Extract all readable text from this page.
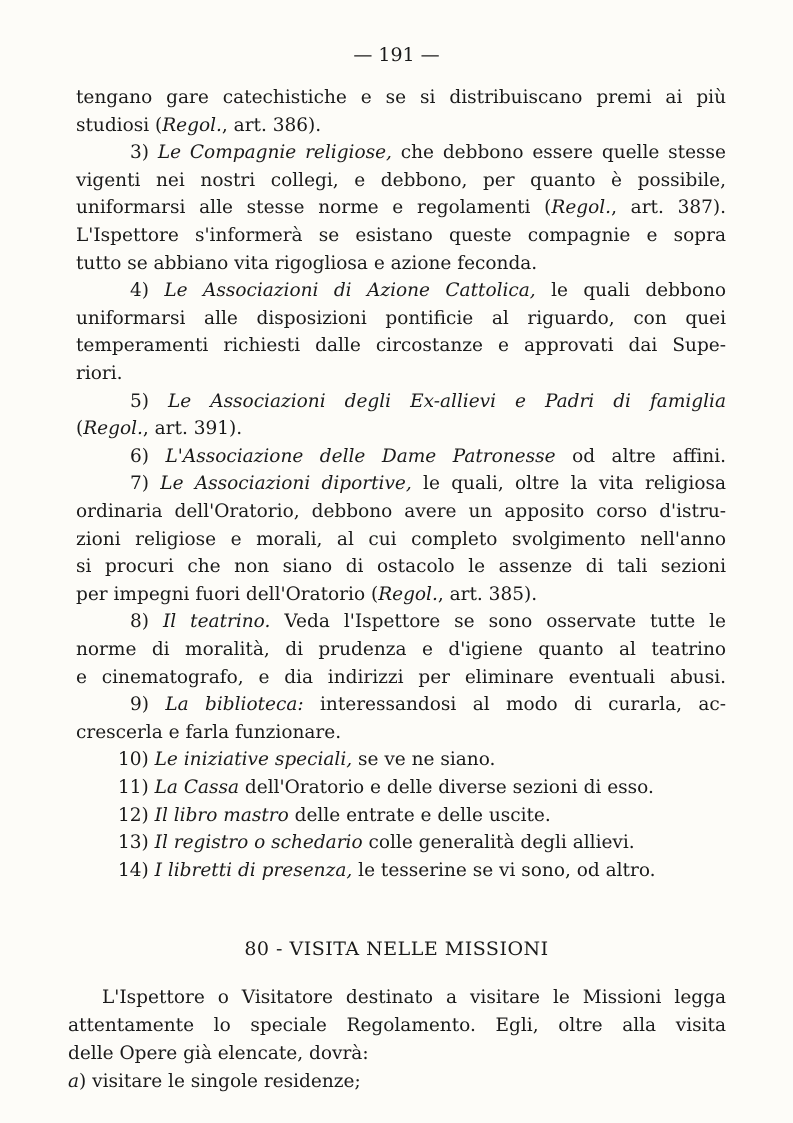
— 191 —
tengano gare catechistiche e se si distribuiscano premi ai più
studiosi (Regol., art. 386).
3) Le Compagnie religiose, che debbono essere quelle stesse
vigenti nei nostri collegi, e debbono, per quanto è possibile,
uniformarsi alle stesse norme e regolamenti (Regol., art. 387).
L'Ispettore s'informerà se esistano queste compagnie e sopra
tutto se abbiano vita rigogliosa e azione feconda.
4) Le Associazioni di Azione Cattolica, le quali debbono
uniformarsi alle disposizioni pontificie al riguardo, con quei
temperamenti richiesti dalle circostanze e approvati dai Supe-
riori.
5) Le Associazioni degli Ex-allievi e Padri di famiglia
(Regol., art. 391).
6) L'Associazione delle Dame Patronesse od altre affini.
7) Le Associazioni diportive, le quali, oltre la vita religiosa
ordinaria dell'Oratorio, debbono avere un apposito corso d'istru-
zioni religiose e morali, al cui completo svolgimento nell'anno
si procuri che non siano di ostacolo le assenze di tali sezioni
per impegni fuori dell'Oratorio (Regol., art. 385).
8) Il teatrino. Veda l'Ispettore se sono osservate tutte le
norme di moralità, di prudenza e d'igiene quanto al teatrino
e cinematografo, e dia indirizzi per eliminare eventuali abusi.
9) La biblioteca: interessandosi al modo di curarla, ac-
crescerla e farla funzionare.
10) Le iniziative speciali, se ve ne siano.
11) La Cassa dell'Oratorio e delle diverse sezioni di esso.
12) Il libro mastro delle entrate e delle uscite.
13) Il registro o schedario colle generalità degli allievi.
14) I libretti di presenza, le tesserine se vi sono, od altro.
80 - VISITA NELLE MISSIONI
L'Ispettore o Visitatore destinato a visitare le Missioni legga
attentamente lo speciale Regolamento. Egli, oltre alla visita
delle Opere già elencate, dovrà:
a) visitare le singole residenze;
